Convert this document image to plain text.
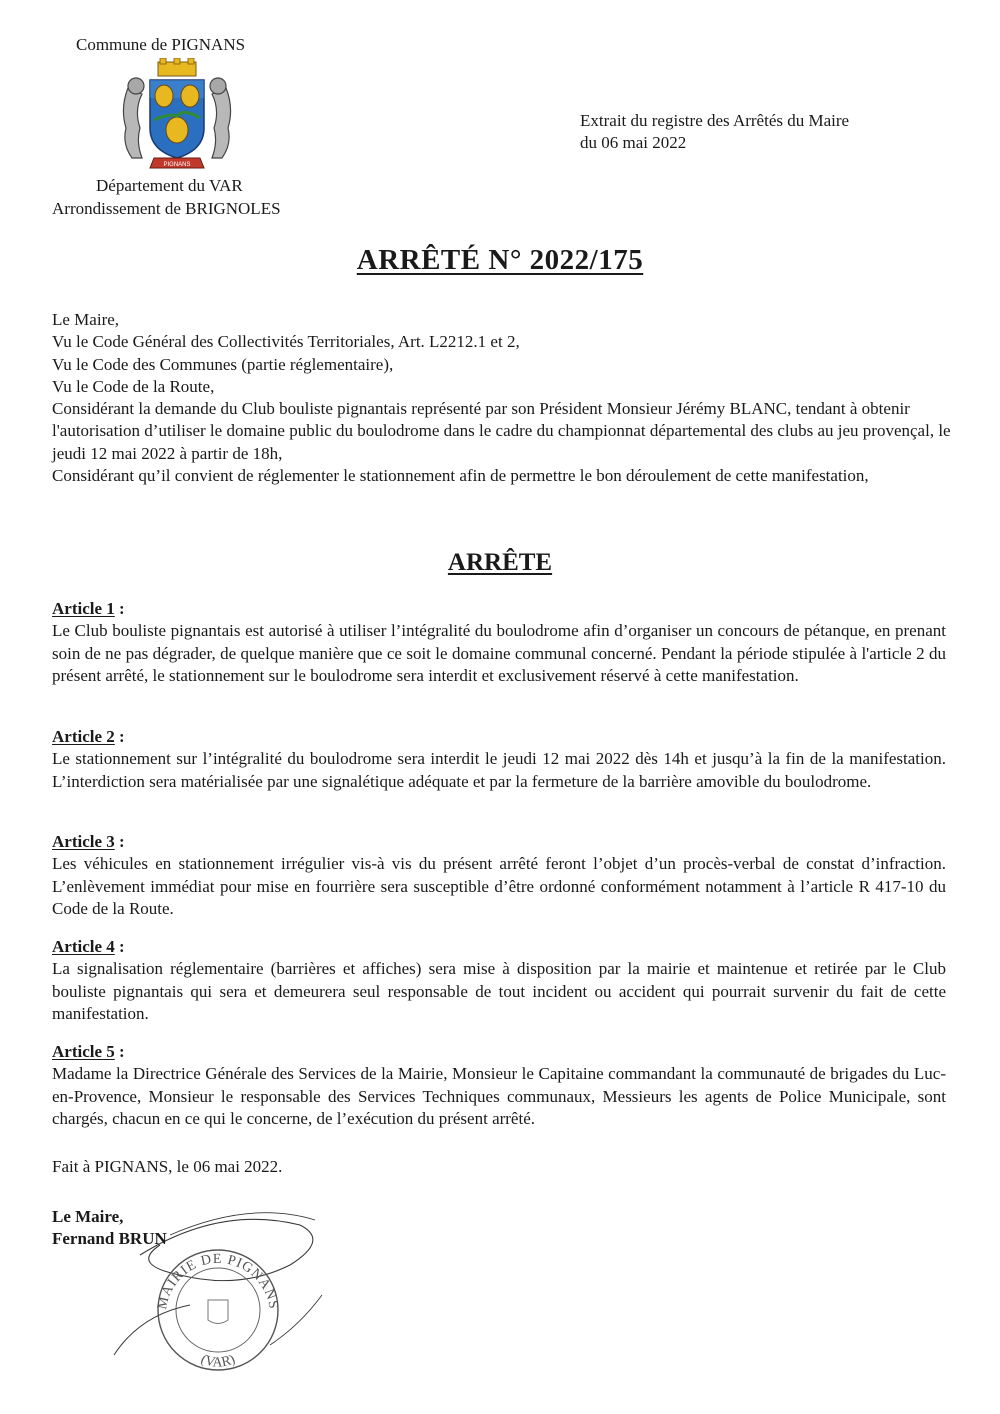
Commune de PIGNANS
PIGNANS
Département du VAR
Arrondissement de BRIGNOLES
Extrait du registre des Arrêtés du Maire
du 06 mai 2022
ARRÊTÉ N° 2022/175

Le Maire,

Vu le Code Général des Collectivités Territoriales, Art. L2212.1 et 2,

Vu le Code des Communes (partie réglementaire),

Vu le Code de la Route,

Considérant la demande du Club bouliste pignantais représenté par son Président Monsieur Jérémy BLANC, tendant à obtenir l'autorisation d’utiliser le domaine public du boulodrome dans le cadre du championnat départemental des clubs au jeu provençal, le jeudi 12 mai 2022 à partir de 18h,

Considérant qu’il convient de réglementer le stationnement afin de permettre le bon déroulement de cette manifestation,

ARRÊTE

Article 1 :

Le Club bouliste pignantais est autorisé à utiliser l’intégralité du boulodrome afin d’organiser un concours de pétanque, en prenant soin de ne pas dégrader, de quelque manière que ce soit le domaine communal concerné. Pendant la période stipulée à l'article 2 du présent arrêté, le stationnement sur le boulodrome sera interdit et exclusivement réservé à cette manifestation.

Article 2 :

Le stationnement sur l’intégralité du boulodrome sera interdit le jeudi 12 mai 2022 dès 14h et jusqu’à la fin de la manifestation. L’interdiction sera matérialisée par une signalétique adéquate et par la fermeture de la barrière amovible du boulodrome.

Article 3 :

Les véhicules en stationnement irrégulier vis-à vis du présent arrêté feront l’objet d’un procès-verbal de constat d’infraction. L’enlèvement immédiat pour mise en fourrière sera susceptible d’être ordonné conformément notamment à l’article R 417-10 du Code de la Route.

Article 4 :

La signalisation réglementaire (barrières et affiches) sera mise à disposition par la mairie et maintenue et retirée par le Club bouliste pignantais qui sera et demeurera seul responsable de tout incident ou accident qui pourrait survenir du fait de cette manifestation.

Article 5 :

Madame la Directrice Générale des Services de la Mairie, Monsieur le Capitaine commandant la communauté de brigades du Luc-en-Provence, Monsieur le responsable des Services Techniques communaux, Messieurs les agents de Police Municipale, sont chargés, chacun en ce qui le concerne, de l’exécution du présent arrêté.

Fait à PIGNANS, le 06 mai 2022.
MAIRIE DE PIGNANS
(VAR)
Le Maire,
Fernand BRUN
